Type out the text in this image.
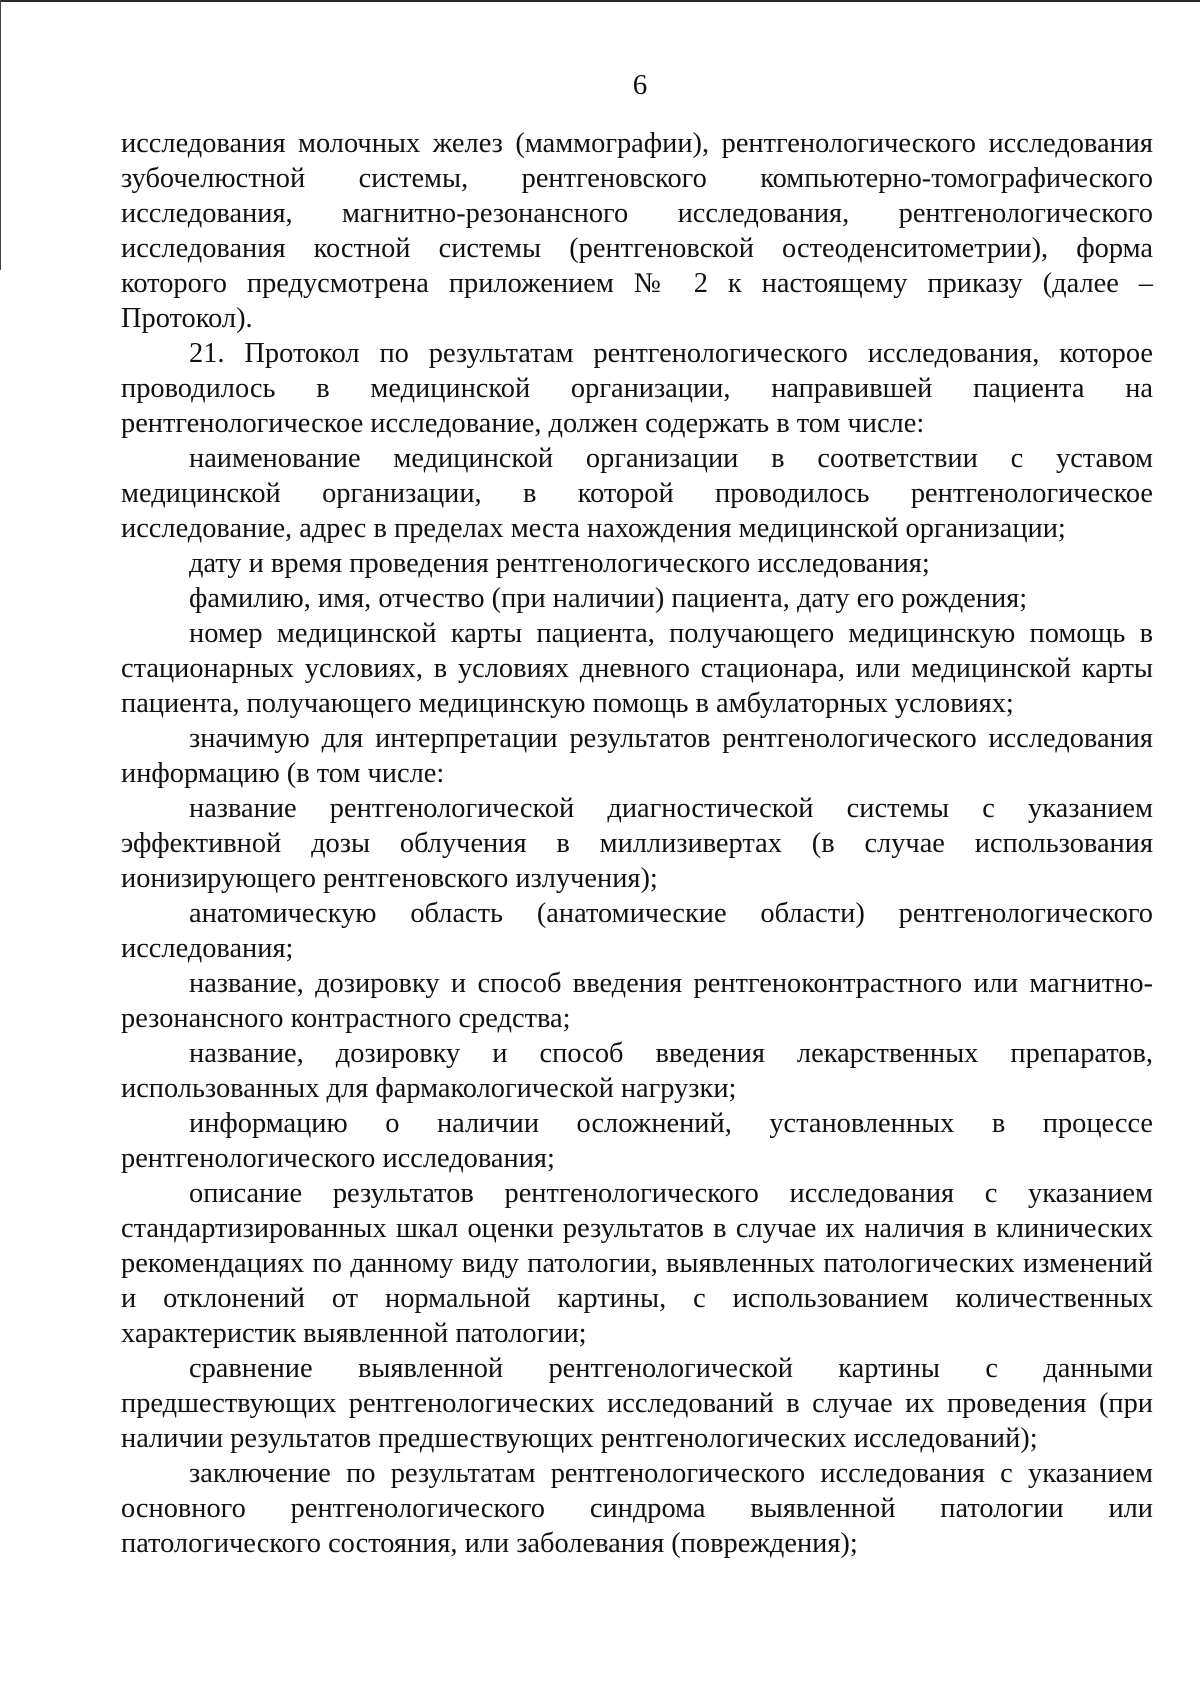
6

исследования молочных желез (маммографии), рентгенологического исследования зубочелюстной системы, рентгеновского компьютерно-томографического исследования, магнитно-резонансного исследования, рентгенологического исследования костной системы (рентгеновской остеоденситометрии), форма которого предусмотрена приложением № 2 к настоящему приказу (далее – Протокол).

21. Протокол по результатам рентгенологического исследования, которое проводилось в медицинской организации, направившей пациента на рентгенологическое исследование, должен содержать в том числе:

наименование медицинской организации в соответствии с уставом медицинской организации, в которой проводилось рентгенологическое исследование, адрес в пределах места нахождения медицинской организации;

дату и время проведения рентгенологического исследования;

фамилию, имя, отчество (при наличии) пациента, дату его рождения;

номер медицинской карты пациента, получающего медицинскую помощь в стационарных условиях, в условиях дневного стационара, или медицинской карты пациента, получающего медицинскую помощь в амбулаторных условиях;

значимую для интерпретации результатов рентгенологического исследования информацию (в том числе:

название рентгенологической диагностической системы с указанием эффективной дозы облучения в миллизивертах (в случае использования ионизирующего рентгеновского излучения);

анатомическую область (анатомические области) рентгенологического исследования;

название, дозировку и способ введения рентгеноконтрастного или магнитно-резонансного контрастного средства;

название, дозировку и способ введения лекарственных препаратов, использованных для фармакологической нагрузки;

информацию о наличии осложнений, установленных в процессе рентгенологического исследования;

описание результатов рентгенологического исследования с указанием стандартизированных шкал оценки результатов в случае их наличия в клинических рекомендациях по данному виду патологии, выявленных патологических изменений и отклонений от нормальной картины, с использованием количественных характеристик выявленной патологии;

сравнение выявленной рентгенологической картины с данными предшествующих рентгенологических исследований в случае их проведения (при наличии результатов предшествующих рентгенологических исследований);

заключение по результатам рентгенологического исследования с указанием основного рентгенологического синдрома выявленной патологии или патологического состояния, или заболевания (повреждения);
